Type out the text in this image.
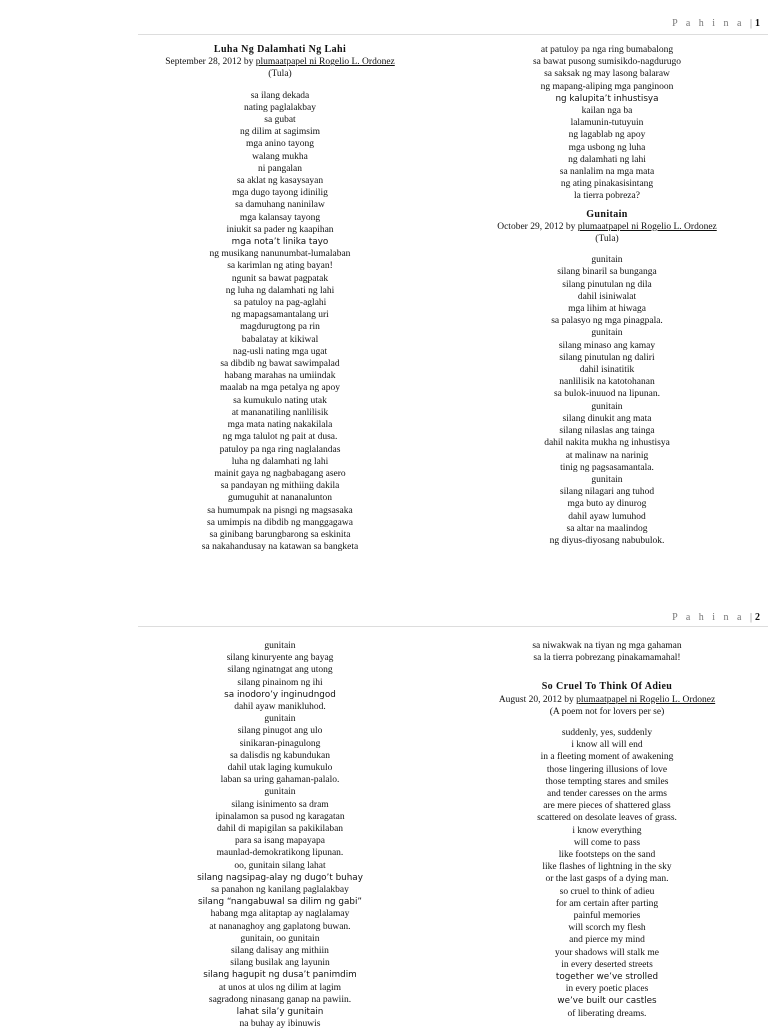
P a h i n a |1
Luha Ng Dalamhati Ng Lahi
September 28, 2012 by plumaatpapel ni Rogelio L. Ordonez
(Tula)
sa ilang dekada
nating paglalakbay
sa gubat
ng dilim at sagimsim
mga anino tayong
walang mukha
ni pangalan
sa aklat ng kasaysayan
mga dugo tayong idinilig
sa damuhang naninilaw
mga kalansay tayong
iniukit sa pader ng kaapihan
mga nota’t linika tayo
ng musikang nanunumbat-lumalaban
sa karimlan ng ating bayan!
ngunit sa bawat pagpatak
ng luha ng dalamhati ng lahi
sa patuloy na pag-aglahi
ng mapagsamantalang uri
magdurugtong pa rin
babalatay at kikiwal
nag-usli nating mga ugat
sa dibdib ng bawat sawimpalad
habang marahas na umiindak
maalab na mga petalya ng apoy
sa kumukulo nating utak
at mananatiling nanlilisik
mga mata nating nakakilala
ng mga talulot ng pait at dusa.
patuloy pa nga ring naglalandas
luha ng dalamhati ng lahi
mainit gaya ng nagbabagang asero
sa pandayan ng mithiing dakila
gumuguhit at nananalunton
sa humumpak na pisngi ng magsasaka
sa umimpis na dibdib ng manggagawa
sa ginibang barungbarong sa eskinita
sa nakahandusay na katawan sa bangketa
at patuloy pa nga ring bumabalong
sa bawat pusong sumisikdo-nagdurugo
sa saksak ng may lasong balaraw
ng mapang-aliping mga panginoon
ng kalupita’t inhustisya
kailan nga ba
lalamunin-tutuyuin
ng lagablab ng apoy
mga usbong ng luha
ng dalamhati ng lahi
sa nanlalim na mga mata
ng ating pinakasisintang
la tierra pobreza?
Gunitain
October 29, 2012 by plumaatpapel ni Rogelio L. Ordonez
(Tula)
gunitain
silang binaril sa bunganga
silang pinutulan ng dila
dahil isiniwalat
mga lihim at hiwaga
sa palasyo ng mga pinagpala.
gunitain
silang minaso ang kamay
silang pinutulan ng daliri
dahil isinatitik
nanlilisik na katotohanan
sa bulok-inuuod na lipunan.
gunitain
silang dinukit ang mata
silang nilaslas ang tainga
dahil nakita mukha ng inhustisya
at malinaw na narinig
tinig ng pagsasamantala.
gunitain
silang nilagari ang tuhod
mga buto ay dinurog
dahil ayaw lumuhod
sa altar na maalindog
ng diyus-diyosang nabubulok.
P a h i n a |2
gunitain
silang kinuryente ang bayag
silang nginatngat ang utong
silang pinainom ng ihi
sa inodoro’y inginudngod
dahil ayaw manikluhod.
gunitain
silang pinugot ang ulo
sinikaran-pinagulong
sa dalisdis ng kabundukan
dahil utak laging kumukulo
laban sa uring gahaman-palalo.
gunitain
silang isinimento sa dram
ipinalamon sa pusod ng karagatan
dahil di mapigilan sa pakikilaban
para sa isang mapayapa
maunlad-demokratikong lipunan.
oo, gunitain silang lahat
silang nagsipag-alay ng dugo’t buhay
sa panahon ng kanilang paglalakbay
silang “nangabuwal sa dilim ng gabi”
habang mga alitaptap ay naglalamay
at nananaghoy ang gaplatong buwan.
gunitain, oo gunitain
silang dalisay ang mithiin
silang busilak ang layunin
silang hagupit ng dusa’t panimdim
at unos at ulos ng dilim at lagim
sagradong ninasang ganap na pawiin.
lahat sila’y gunitain
na buhay ay ibinuwis
sa niwakwak na tiyan ng mga gahaman
sa la tierra pobrezang pinakamamahal!
So Cruel To Think Of Adieu
August 20, 2012 by plumaatpapel ni Rogelio L. Ordonez
(A poem not for lovers per se)
suddenly, yes, suddenly
i know all will end
in a fleeting moment of awakening
those lingering illusions of love
those tempting stares and smiles
and tender caresses on the arms
are mere pieces of shattered glass
scattered on desolate leaves of grass.
i know everything
will come to pass
like footsteps on the sand
like flashes of lightning in the sky
or the last gasps of a dying man.
so cruel to think of adieu
for am certain after parting
painful memories
will scorch my flesh
and pierce my mind
your shadows will stalk me
in every deserted streets
together we’ve strolled
in every poetic places
we’ve built our castles
of liberating dreams.
